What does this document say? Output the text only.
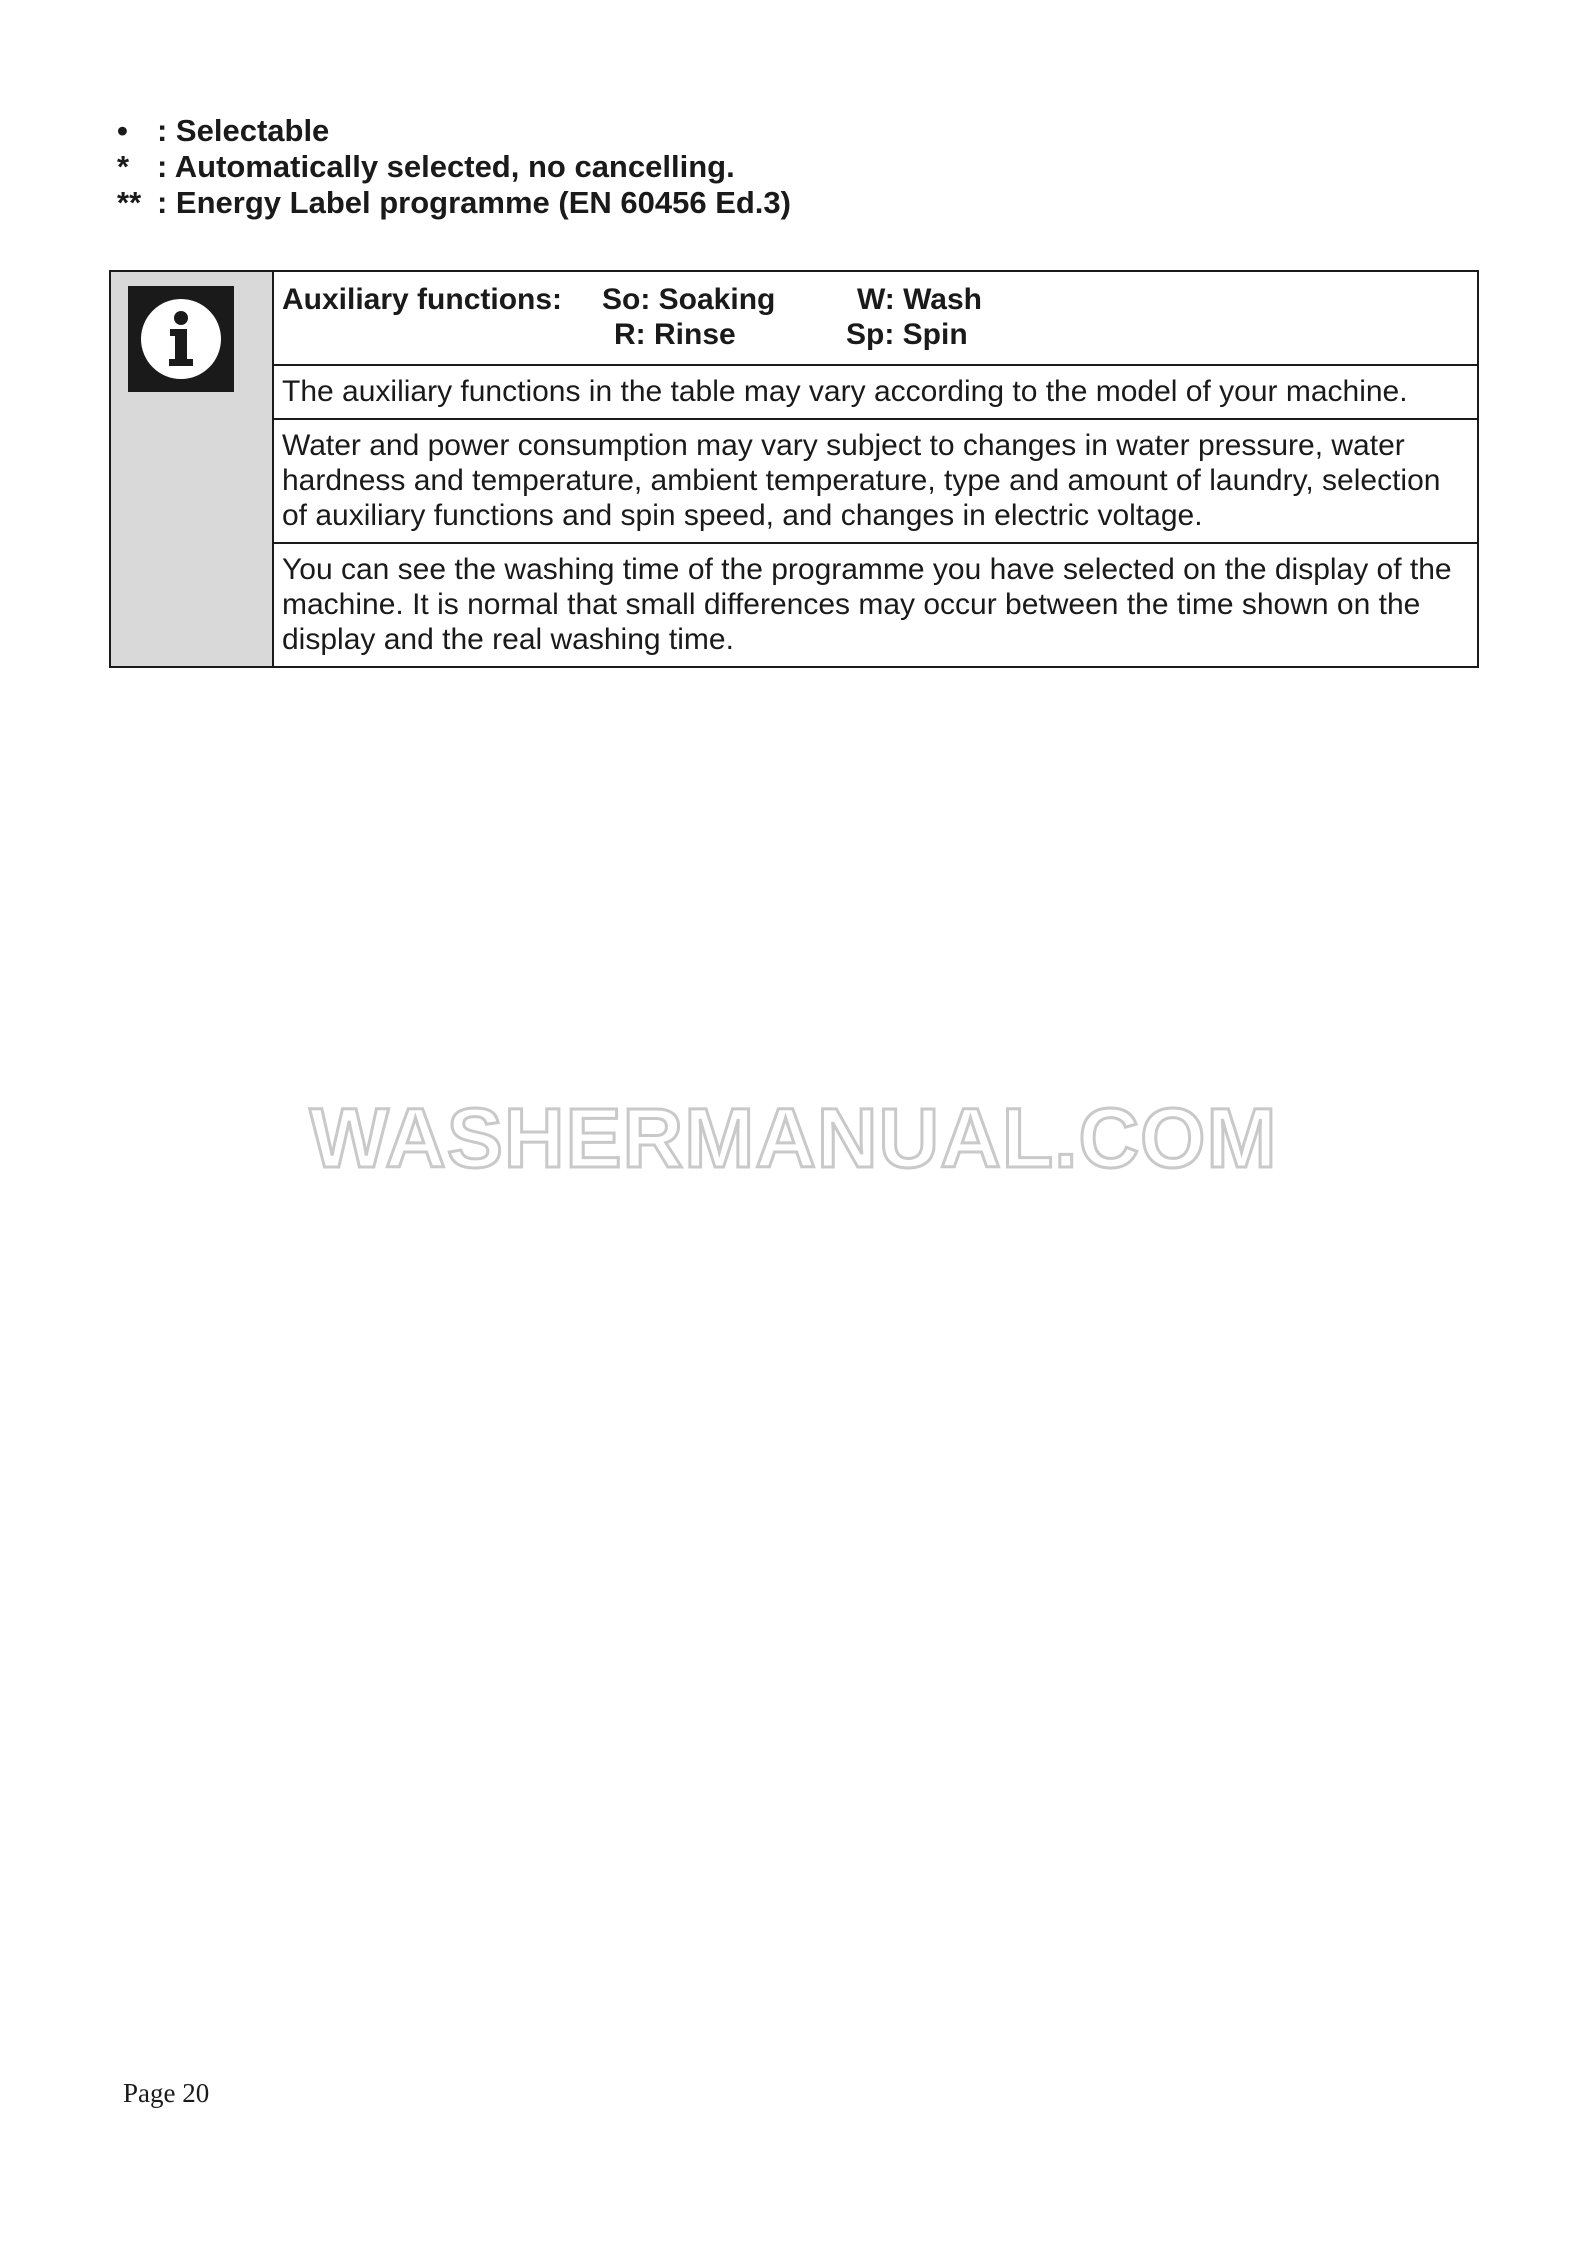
• : Selectable
* : Automatically selected, no cancelling.
** : Energy Label programme (EN 60456 Ed.3)

Auxiliary functions:	So: Soaking	W: Wash
R: Rinse	Sp: Spin

The auxiliary functions in the table may vary according to the model of your machine.
Water and power consumption may vary subject to changes in water pressure, water hardness and temperature, ambient temperature, type and amount of laundry, selection of auxiliary functions and spin speed, and changes in electric voltage.
You can see the washing time of the programme you have selected on the display of the machine. It is normal that small differences may occur between the time shown on the display and the real washing time.
WASHERMANUAL.COM
Page 20
